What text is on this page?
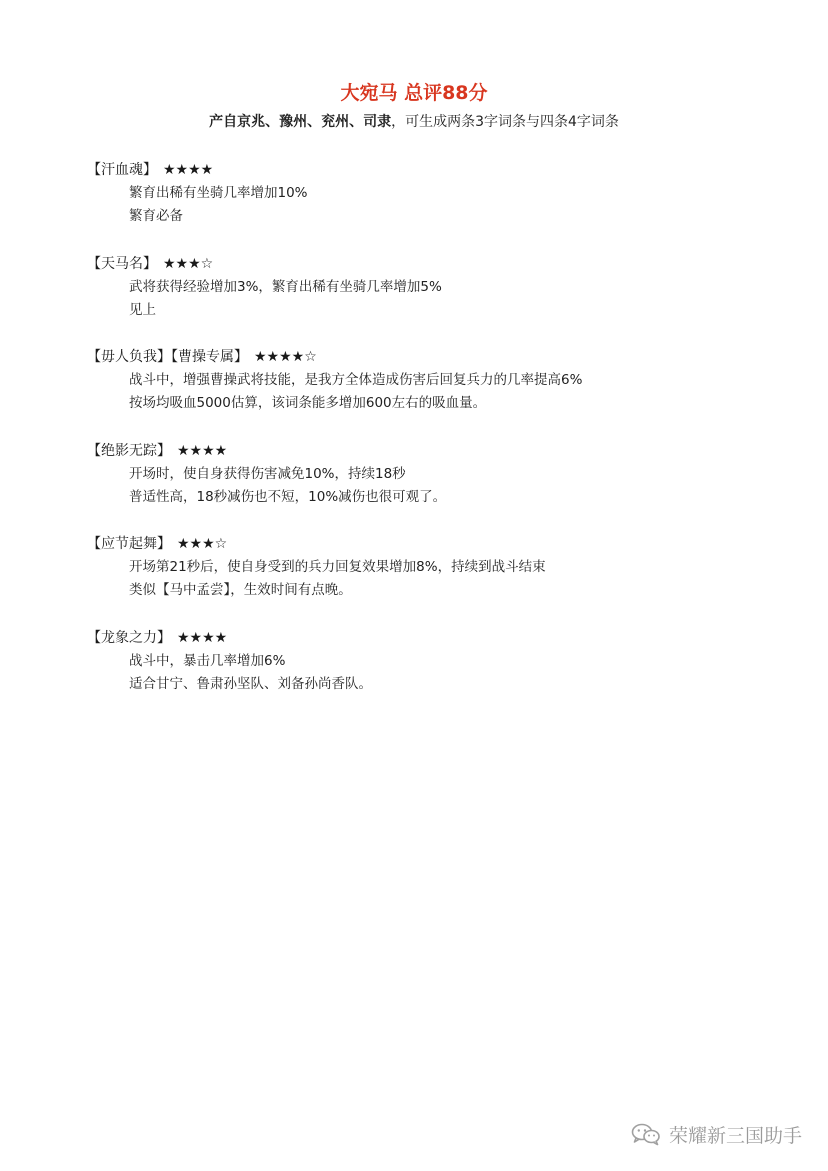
大宛马 总评88分
产自京兆、豫州、兖州、司隶，可生成两条3字词条与四条4字词条
【汗血魂】 ★★★★
繁育出稀有坐骑几率增加10%
繁育必备
【天马名】 ★★★☆
武将获得经验增加3%，繁育出稀有坐骑几率增加5%
见上
【毋人负我】【曹操专属】 ★★★★☆
战斗中，增强曹操武将技能，是我方全体造成伤害后回复兵力的几率提高6%
按场均吸血5000估算，该词条能多增加600左右的吸血量。
【绝影无踪】 ★★★★
开场时，使自身获得伤害减免10%，持续18秒
普适性高，18秒减伤也不短，10%减伤也很可观了。
【应节起舞】 ★★★☆
开场第21秒后，使自身受到的兵力回复效果增加8%，持续到战斗结束
类似【马中孟尝】，生效时间有点晚。
【龙象之力】 ★★★★
战斗中，暴击几率增加6%
适合甘宁、鲁肃孙坚队、刘备孙尚香队。
荣耀新三国助手
